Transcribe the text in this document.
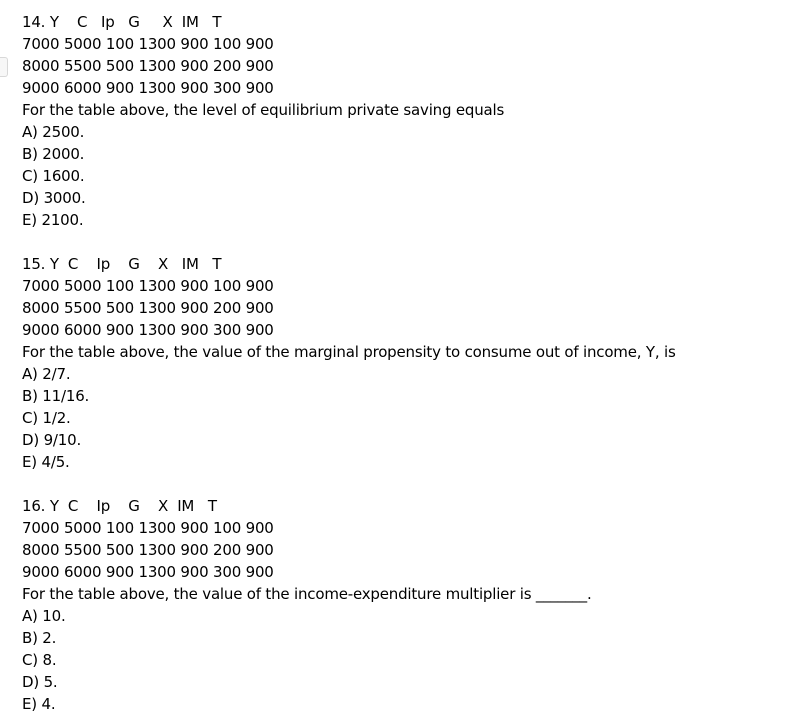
14. Y    C   Ip   G     X  IM   T
7000 5000 100 1300 900 100 900
8000 5500 500 1300 900 200 900
9000 6000 900 1300 900 300 900
For the table above, the level of equilibrium private saving equals
A) 2500.
B) 2000.
C) 1600.
D) 3000.
E) 2100.
15. Y  C    Ip    G    X   IM   T
7000 5000 100 1300 900 100 900
8000 5500 500 1300 900 200 900
9000 6000 900 1300 900 300 900
For the table above, the value of the marginal propensity to consume out of income, Y, is
A) 2/7.
B) 11/16.
C) 1/2.
D) 9/10.
E) 4/5.
16. Y  C    Ip    G    X  IM   T
7000 5000 100 1300 900 100 900
8000 5500 500 1300 900 200 900
9000 6000 900 1300 900 300 900
For the table above, the value of the income-expenditure multiplier is _______.
A) 10.
B) 2.
C) 8.
D) 5.
E) 4.
